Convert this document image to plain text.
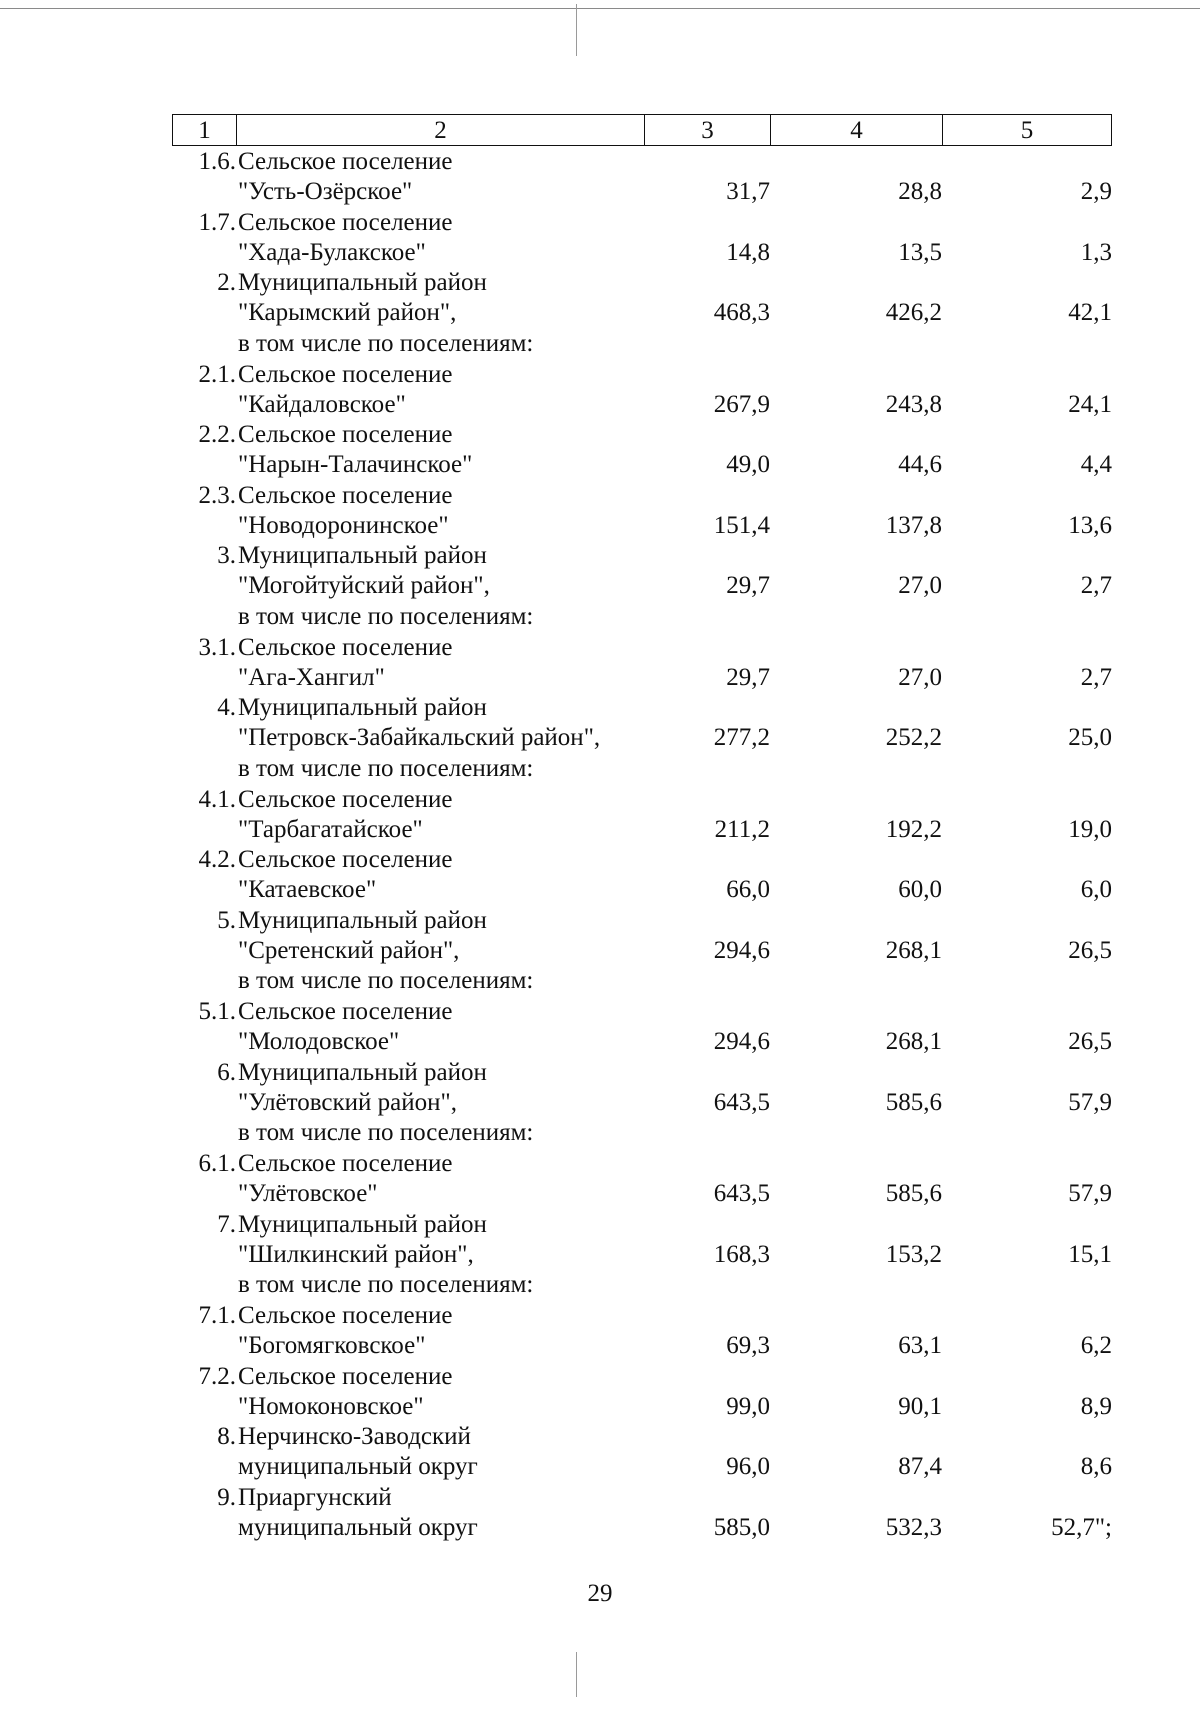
1	2	3	4	5
1.6. Сельское поселение
"Усть-Озёрское"	31,7	28,8	2,9
1.7. Сельское поселение
"Хада-Булакское"	14,8	13,5	1,3
2. Муниципальный район
"Карымский район",	468,3	426,2	42,1
в том числе по поселениям:
2.1. Сельское поселение
"Кайдаловское"	267,9	243,8	24,1
2.2. Сельское поселение
"Нарын-Талачинское"	49,0	44,6	4,4
2.3. Сельское поселение
"Новодоронинское"	151,4	137,8	13,6
3. Муниципальный район
"Могойтуйский район",	29,7	27,0	2,7
в том числе по поселениям:
3.1. Сельское поселение
"Ага-Хангил"	29,7	27,0	2,7
4. Муниципальный район
"Петровск-Забайкальский район",	277,2	252,2	25,0
в том числе по поселениям:
4.1. Сельское поселение
"Тарбагатайское"	211,2	192,2	19,0
4.2. Сельское поселение
"Катаевское"	66,0	60,0	6,0
5. Муниципальный район
"Сретенский район",	294,6	268,1	26,5
в том числе по поселениям:
5.1. Сельское поселение
"Молодовское"	294,6	268,1	26,5
6. Муниципальный район
"Улётовский район",	643,5	585,6	57,9
в том числе по поселениям:
6.1. Сельское поселение
"Улётовское"	643,5	585,6	57,9
7. Муниципальный район
"Шилкинский район",	168,3	153,2	15,1
в том числе по поселениям:
7.1. Сельское поселение
"Богомягковское"	69,3	63,1	6,2
7.2. Сельское поселение
"Номоконовское"	99,0	90,1	8,9
8. Нерчинско-Заводский
муниципальный округ	96,0	87,4	8,6
9. Приаргунский
муниципальный округ	585,0	532,3	52,7";
29
